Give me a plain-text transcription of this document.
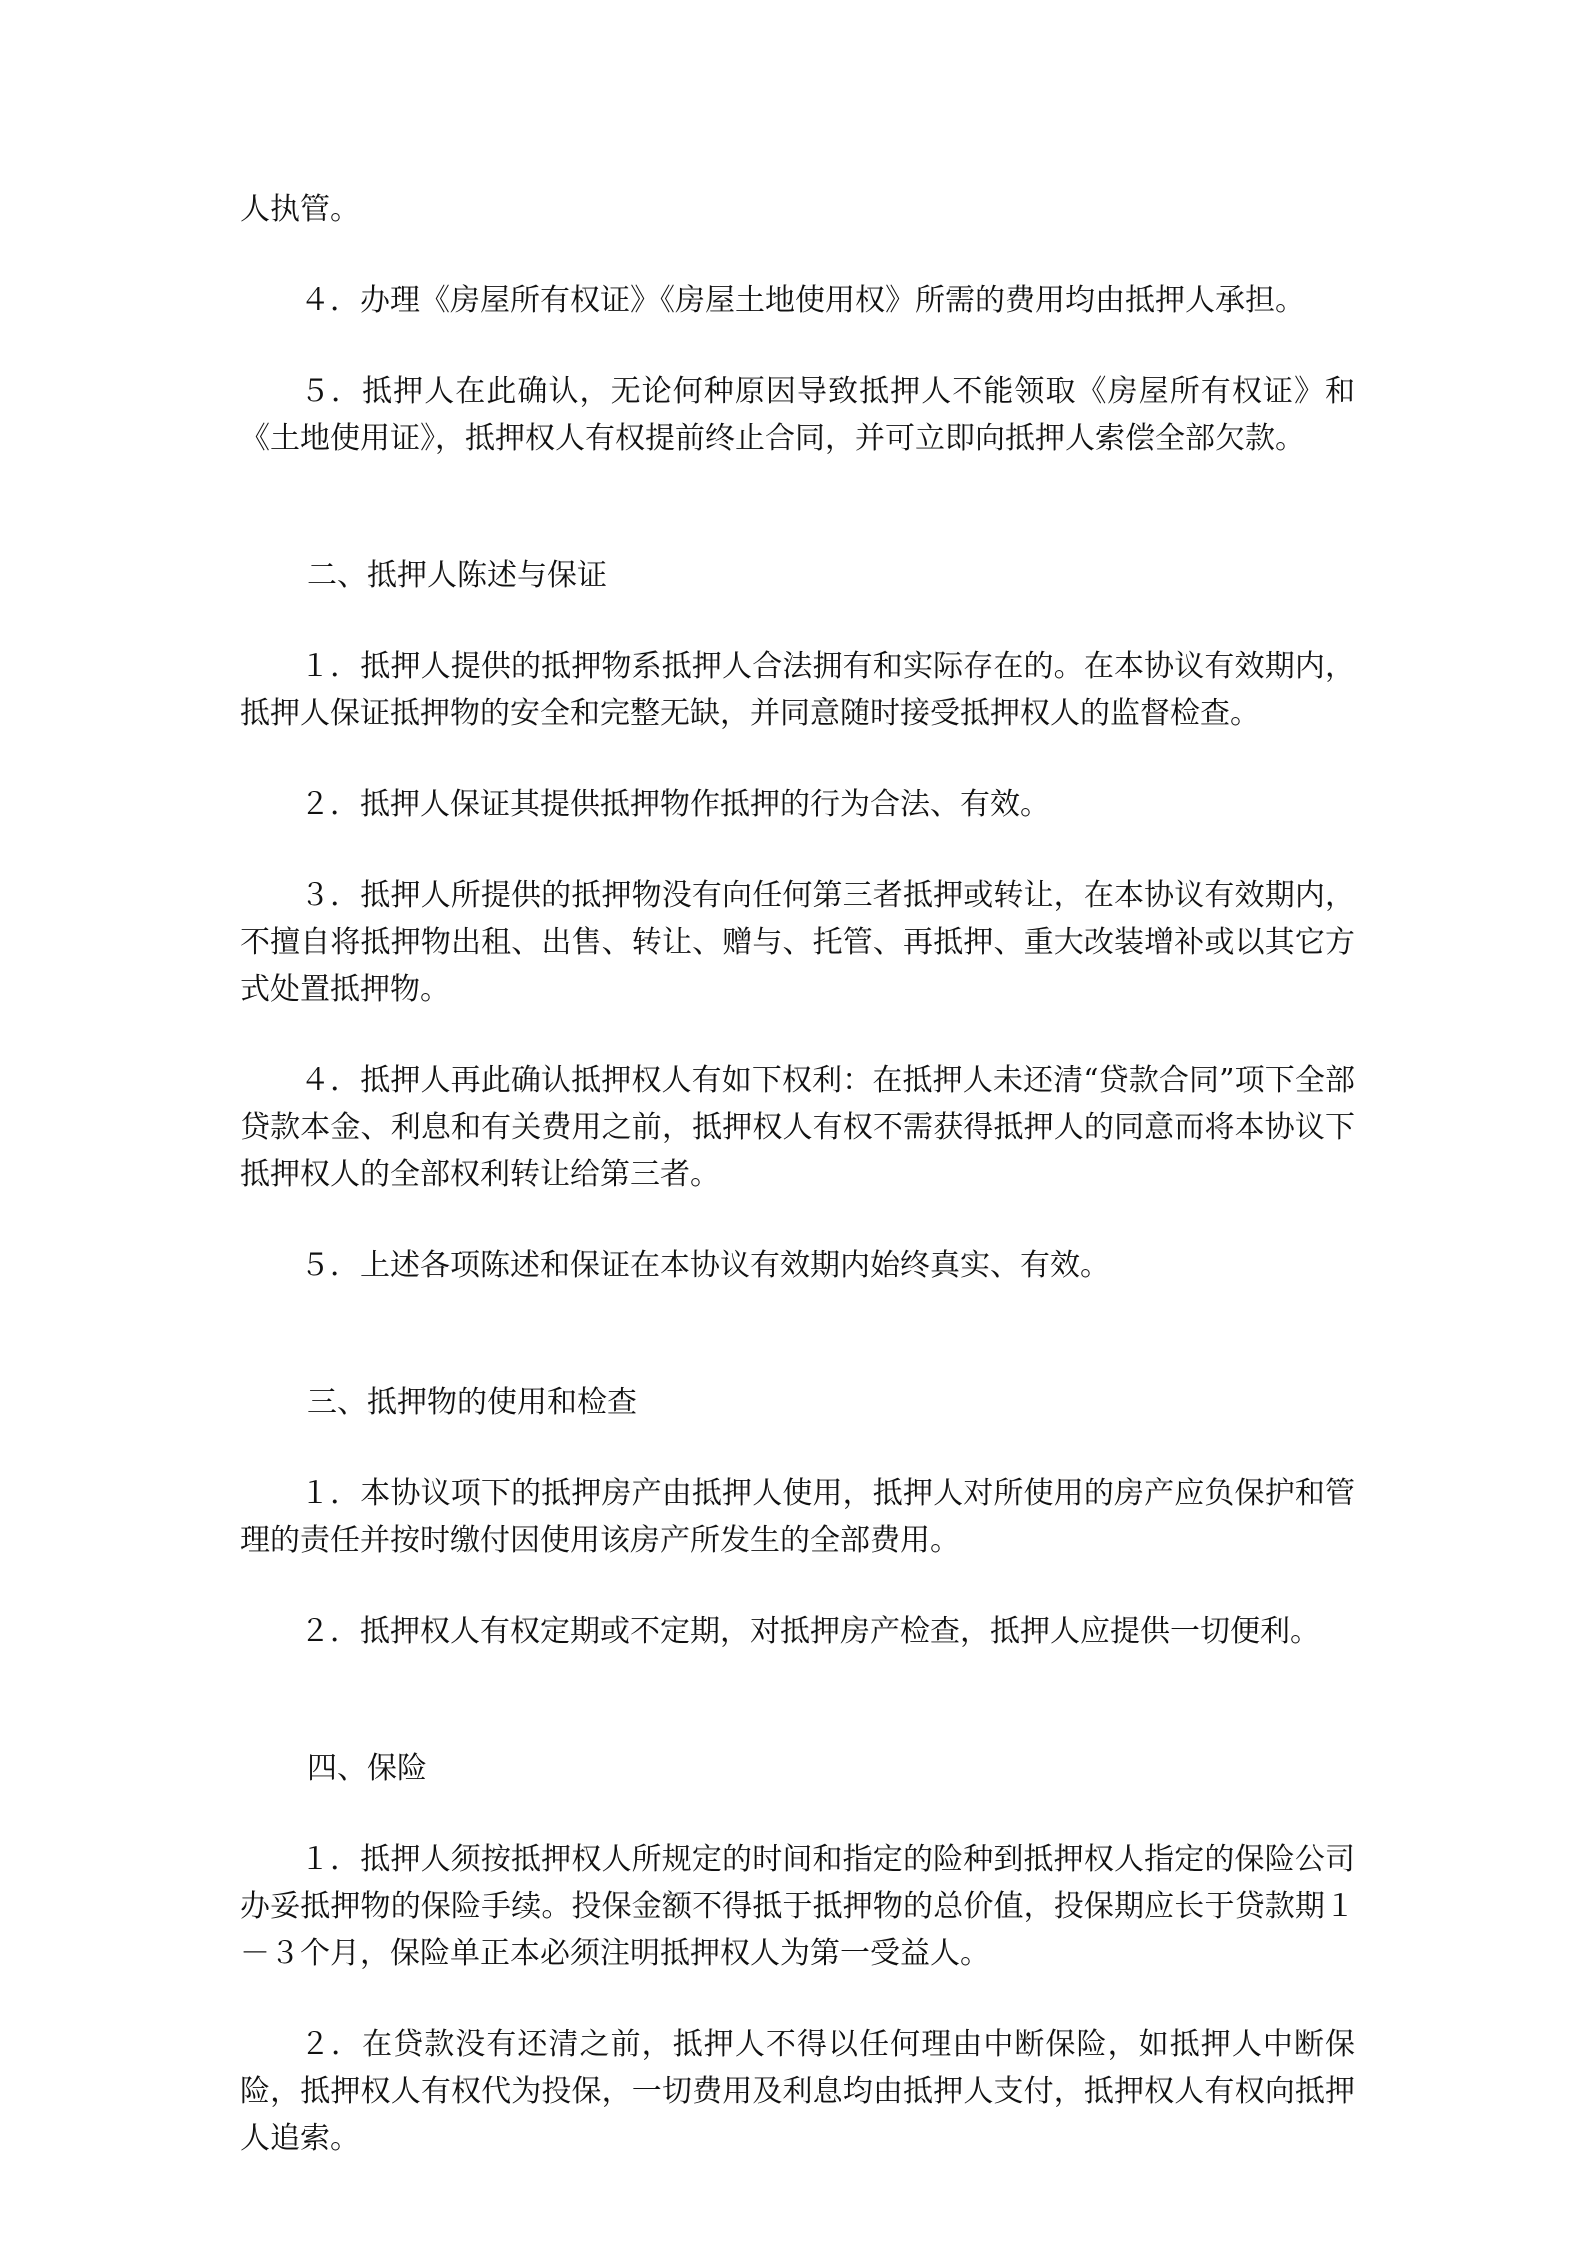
人执管。

４．办理《房屋所有权证》《房屋土地使用权》所需的费用均由抵押人承担。

５．抵押人在此确认，无论何种原因导致抵押人不能领取《房屋所有权证》和《土地使用证》，抵押权人有权提前终止合同，并可立即向抵押人索偿全部欠款。

二、抵押人陈述与保证

１．抵押人提供的抵押物系抵押人合法拥有和实际存在的。在本协议有效期内，抵押人保证抵押物的安全和完整无缺，并同意随时接受抵押权人的监督检查。

２．抵押人保证其提供抵押物作抵押的行为合法、有效。

３．抵押人所提供的抵押物没有向任何第三者抵押或转让，在本协议有效期内，不擅自将抵押物出租、出售、转让、赠与、托管、再抵押、重大改装增补或以其它方式处置抵押物。

４．抵押人再此确认抵押权人有如下权利：在抵押人未还清“贷款合同”项下全部贷款本金、利息和有关费用之前，抵押权人有权不需获得抵押人的同意而将本协议下抵押权人的全部权利转让给第三者。

５．上述各项陈述和保证在本协议有效期内始终真实、有效。

三、抵押物的使用和检查

１．本协议项下的抵押房产由抵押人使用，抵押人对所使用的房产应负保护和管理的责任并按时缴付因使用该房产所发生的全部费用。

２．抵押权人有权定期或不定期，对抵押房产检查，抵押人应提供一切便利。

四、保险

１．抵押人须按抵押权人所规定的时间和指定的险种到抵押权人指定的保险公司办妥抵押物的保险手续。投保金额不得抵于抵押物的总价值，投保期应长于贷款期１－３个月，保险单正本必须注明抵押权人为第一受益人。

２．在贷款没有还清之前，抵押人不得以任何理由中断保险，如抵押人中断保险，抵押权人有权代为投保，一切费用及利息均由抵押人支付，抵押权人有权向抵押人追索。
